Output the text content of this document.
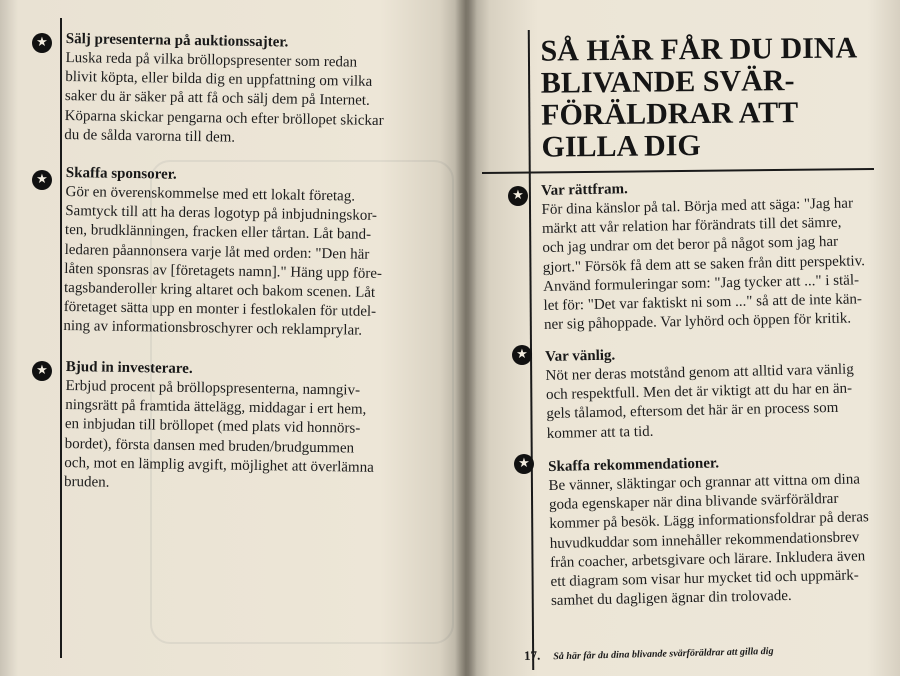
★ Sälj presenterna på auktionssajter.
Luska reda på vilka bröllopspresenter som redan
blivit köpta, eller bilda dig en uppfattning om vilka
saker du är säker på att få och sälj dem på Internet.
Köparna skickar pengarna och efter bröllopet skickar
du de sålda varorna till dem.
★ Skaffa sponsorer.
Gör en överenskommelse med ett lokalt företag.
Samtyck till att ha deras logotyp på inbjudningskor-
ten, brudklänningen, fracken eller tårtan. Låt band-
ledaren påannonsera varje låt med orden: "Den här
låten sponsras av [företagets namn]." Häng upp före-
tagsbanderoller kring altaret och bakom scenen. Låt
företaget sätta upp en monter i festlokalen för utdel-
ning av informationsbroschyrer och reklamprylar.
★ Bjud in investerare.
Erbjud procent på bröllopspresenterna, namngiv-
ningsrätt på framtida ättelägg, middagar i ert hem,
en inbjudan till bröllopet (med plats vid honnörs-
bordet), första dansen med bruden/brudgummen
och, mot en lämplig avgift, möjlighet att överlämna
bruden.
SÅ HÄR FÅR DU DINA
BLIVANDE SVÄR-
FÖRÄLDRAR ATT
GILLA DIG
★ Var rättfram.
För dina känslor på tal. Börja med att säga: "Jag har
märkt att vår relation har förändrats till det sämre,
och jag undrar om det beror på något som jag har
gjort." Försök få dem att se saken från ditt perspektiv.
Använd formuleringar som: "Jag tycker att ..." i stäl-
let för: "Det var faktiskt ni som ..." så att de inte kän-
ner sig påhoppade. Var lyhörd och öppen för kritik.
★ Var vänlig.
Nöt ner deras motstånd genom att alltid vara vänlig
och respektfull. Men det är viktigt att du har en än-
gels tålamod, eftersom det här är en process som
kommer att ta tid.
★ Skaffa rekommendationer.
Be vänner, släktingar och grannar att vittna om dina
goda egenskaper när dina blivande svärföräldrar
kommer på besök. Lägg informationsfoldrar på deras
huvudkuddar som innehåller rekommendationsbrev
från coacher, arbetsgivare och lärare. Inkludera även
ett diagram som visar hur mycket tid och uppmärk-
samhet du dagligen ägnar din trolovade.
17. Så här får du dina blivande svärföräldrar att gilla dig
